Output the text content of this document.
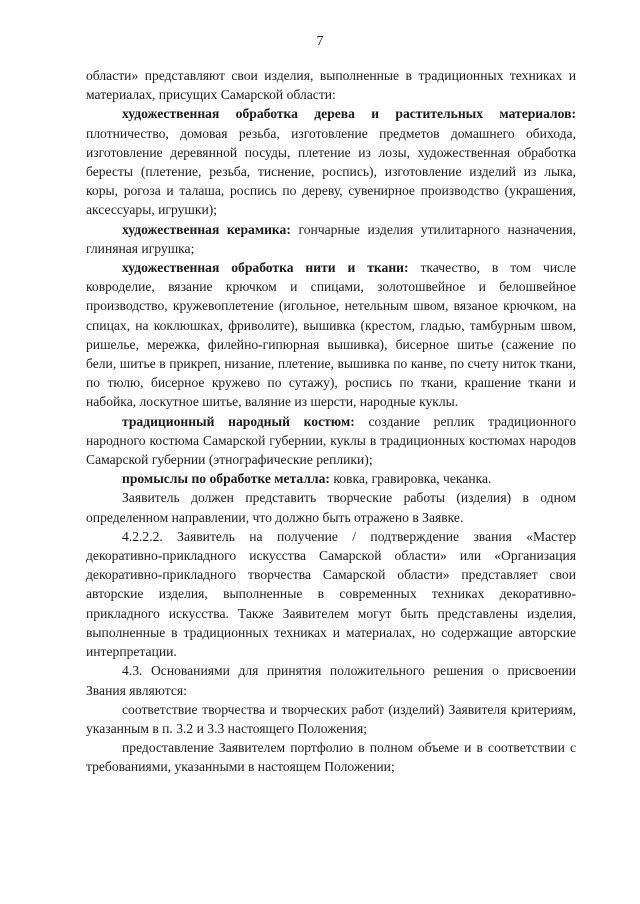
7

области» представляют свои изделия, выполненные в традиционных техниках и материалах, присущих Самарской области:

художественная обработка дерева и растительных материалов: плотничество, домовая резьба, изготовление предметов домашнего обихода, изготовление деревянной посуды, плетение из лозы, художественная обработка бересты (плетение, резьба, тиснение, роспись), изготовление изделий из лыка, коры, рогоза и талаша, роспись по дереву, сувенирное производство (украшения, аксессуары, игрушки);

художественная керамика: гончарные изделия утилитарного назначения, глиняная игрушка;

художественная обработка нити и ткани: ткачество, в том числе ковроделие, вязание крючком и спицами, золотошвейное и белошвейное производство, кружевоплетение (игольное, нетельным швом, вязаное крючком, на спицах, на коклюшках, фриволите), вышивка (крестом, гладью, тамбурным швом, ришелье, мережка, филейно-гипюрная вышивка), бисерное шитье (сажение по бели, шитье в прикреп, низание, плетение, вышивка по канве, по счету ниток ткани, по тюлю, бисерное кружево по сутажу), роспись по ткани, крашение ткани и набойка, лоскутное шитье, валяние из шерсти, народные куклы.

традиционный народный костюм: создание реплик традиционного народного костюма Самарской губернии, куклы в традиционных костюмах народов Самарской губернии (этнографические реплики);

промыслы по обработке металла: ковка, гравировка, чеканка.

Заявитель должен представить творческие работы (изделия) в одном определенном направлении, что должно быть отражено в Заявке.

4.2.2.2. Заявитель на получение / подтверждение звания «Мастер декоративно-прикладного искусства Самарской области» или «Организация декоративно-прикладного творчества Самарской области» представляет свои авторские изделия, выполненные в современных техниках декоративно-прикладного искусства. Также Заявителем могут быть представлены изделия, выполненные в традиционных техниках и материалах, но содержащие авторские интерпретации.

4.3. Основаниями для принятия положительного решения о присвоении Звания являются:

соответствие творчества и творческих работ (изделий) Заявителя критериям, указанным в п. 3.2 и 3.3 настоящего Положения;

предоставление Заявителем портфолио в полном объеме и в соответствии с требованиями, указанными в настоящем Положении;
